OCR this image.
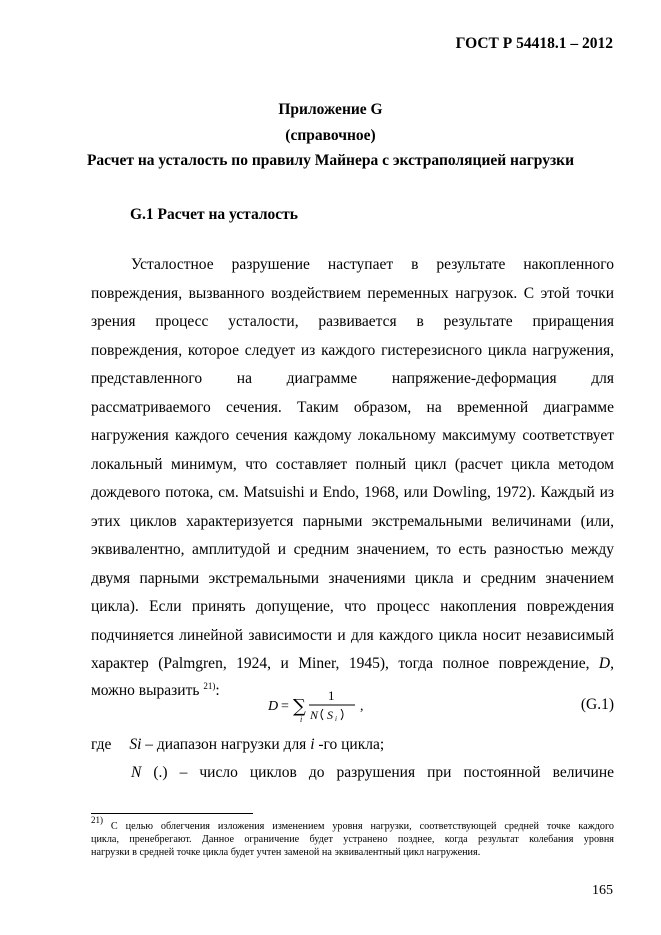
ГОСТ Р 54418.1 – 2012
Приложение G
(справочное)
Расчет на усталость по правилу Майнера с экстраполяцией нагрузки
G.1 Расчет на усталость
Усталостное разрушение наступает в результате накопленного
повреждения, вызванного воздействием переменных нагрузок. С этой точки
зрения процесс усталости, развивается в результате приращения
повреждения, которое следует из каждого гистерезисного цикла нагружения,
представленного на диаграмме напряжение-деформация для
рассматриваемого сечения. Таким образом, на временной диаграмме
нагружения каждого сечения каждому локальному максимуму соответствует
локальный минимум, что составляет полный цикл (расчет цикла методом
дождевого потока, см. Matsuishi и Endo, 1968, или Dowling, 1972). Каждый из
этих циклов характеризуется парными экстремальными величинами (или,
эквивалентно, амплитудой и средним значением, то есть разностью между
двумя парными экстремальными значениями цикла и средним значением
цикла). Если принять допущение, что процесс накопления повреждения
подчиняется линейной зависимости и для каждого цикла носит независимый
характер (Palmgren, 1924, и Miner, 1945), тогда полное повреждение, D,
можно выразить $^{21)}$:
D = ∑
i
1
N S i
,	(G.1)
где Si – диапазон нагрузки для i -го цикла;
N (.) – число циклов до разрушения при постоянной величине
$^{21)}$ С целью облегчения изложения изменением уровня нагрузки, соответствующей средней точке каждого
цикла, пренебрегают. Данное ограничение будет устранено позднее, когда результат колебания уровня
нагрузки в средней точке цикла будет учтен заменой на эквивалентный цикл нагружения.
165
